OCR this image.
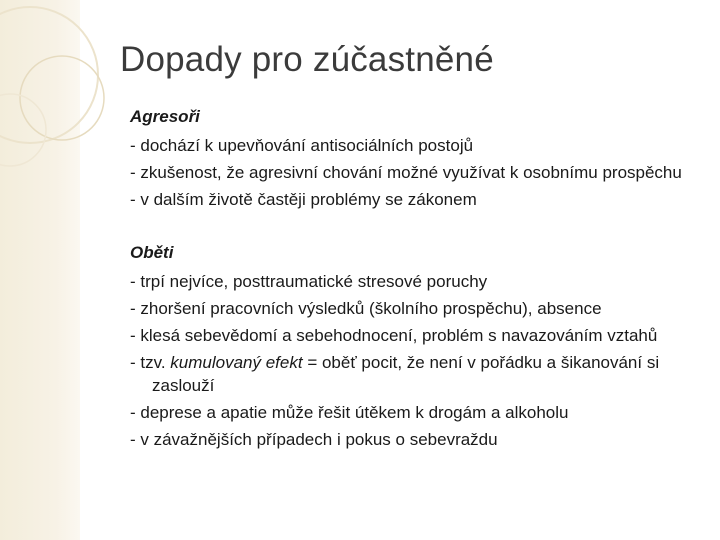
Dopady pro zúčastněné
Agresoři
- dochází k upevňování antisociálních postojů
- zkušenost, že agresivní chování možné využívat k osobnímu prospěchu
- v dalším životě častěji problémy se zákonem
Oběti
- trpí nejvíce, posttraumatické stresové poruchy
- zhoršení pracovních výsledků (školního prospěchu), absence
- klesá sebevědomí a sebehodnocení, problém s navazováním vztahů
- tzv. kumulovaný efekt = oběť pocit, že není v pořádku a šikanování si zaslouží
- deprese a apatie může řešit útěkem k drogám a alkoholu
- v závažnějších případech i pokus o sebevraždu
